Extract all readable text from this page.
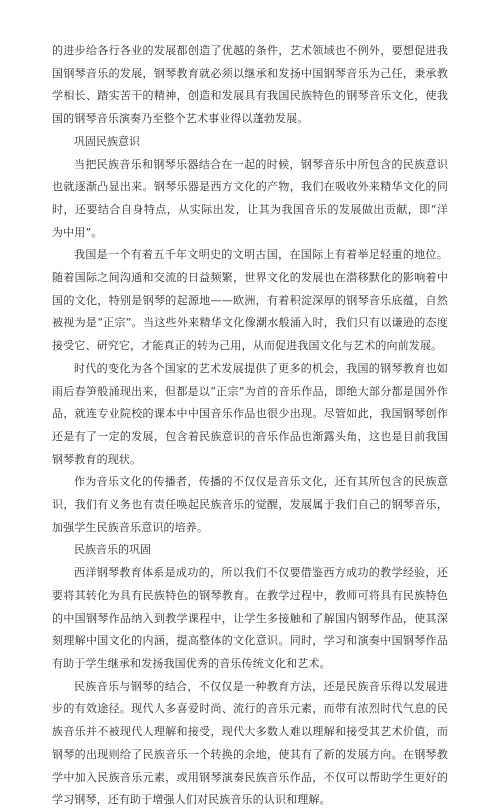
的进步给各行各业的发展都创造了优越的条件，艺术领域也不例外，要想促进我国钢琴音乐的发展，钢琴教育就必须以继承和发扬中国钢琴音乐为己任，秉承教学相长、踏实苦干的精神，创造和发展具有我国民族特色的钢琴音乐文化，使我国的钢琴音乐演奏乃至整个艺术事业得以蓬勃发展。

巩固民族意识

当把民族音乐和钢琴乐器结合在一起的时候，钢琴音乐中所包含的民族意识也就逐渐凸显出来。钢琴乐器是西方文化的产物，我们在吸收外来精华文化的同时，还要结合自身特点，从实际出发，让其为我国音乐的发展做出贡献，即“洋为中用”。

我国是一个有着五千年文明史的文明古国，在国际上有着举足轻重的地位。随着国际之间沟通和交流的日益频繁，世界文化的发展也在潜移默化的影响着中国的文化，特别是钢琴的起源地——欧洲，有着积淀深厚的钢琴音乐底蕴，自然被视为是“正宗”。当这些外来精华文化像潮水般涌入时，我们只有以谦逊的态度接受它、研究它，才能真正的转为己用，从而促进我国文化与艺术的向前发展。

时代的变化为各个国家的艺术发展提供了更多的机会，我国的钢琴教育也如雨后春笋般涌现出来，但都是以“正宗”为首的音乐作品，即绝大部分都是国外作品，就连专业院校的课本中中国音乐作品也很少出现。尽管如此，我国钢琴创作还是有了一定的发展，包含着民族意识的音乐作品也渐露头角，这也是目前我国钢琴教育的现状。

作为音乐文化的传播者，传播的不仅仅是音乐文化，还有其所包含的民族意识，我们有义务也有责任唤起民族音乐的觉醒，发展属于我们自己的钢琴音乐，加强学生民族音乐意识的培养。

民族音乐的巩固

西洋钢琴教育体系是成功的，所以我们不仅要借鉴西方成功的教学经验，还要将其转化为具有民族特色的钢琴教育。在教学过程中，教师可将具有民族特色的中国钢琴作品纳入到教学课程中，让学生多接触和了解国内钢琴作品，使其深刻理解中国文化的内涵，提高整体的文化意识。同时，学习和演奏中国钢琴作品有助于学生继承和发扬我国优秀的音乐传统文化和艺术。

民族音乐与钢琴的结合，不仅仅是一种教育方法，还是民族音乐得以发展进步的有效途径。现代人多喜爱时尚、流行的音乐元素，而带有浓烈时代气息的民族音乐并不被现代人理解和接受，现代大多数人难以理解和接受其艺术价值，而钢琴的出现则给了民族音乐一个转换的余地，使其有了新的发展方向。在钢琴教学中加入民族音乐元素，或用钢琴演奏民族音乐作品，不仅可以帮助学生更好的学习钢琴，还有助于增强人们对民族音乐的认识和理解。
